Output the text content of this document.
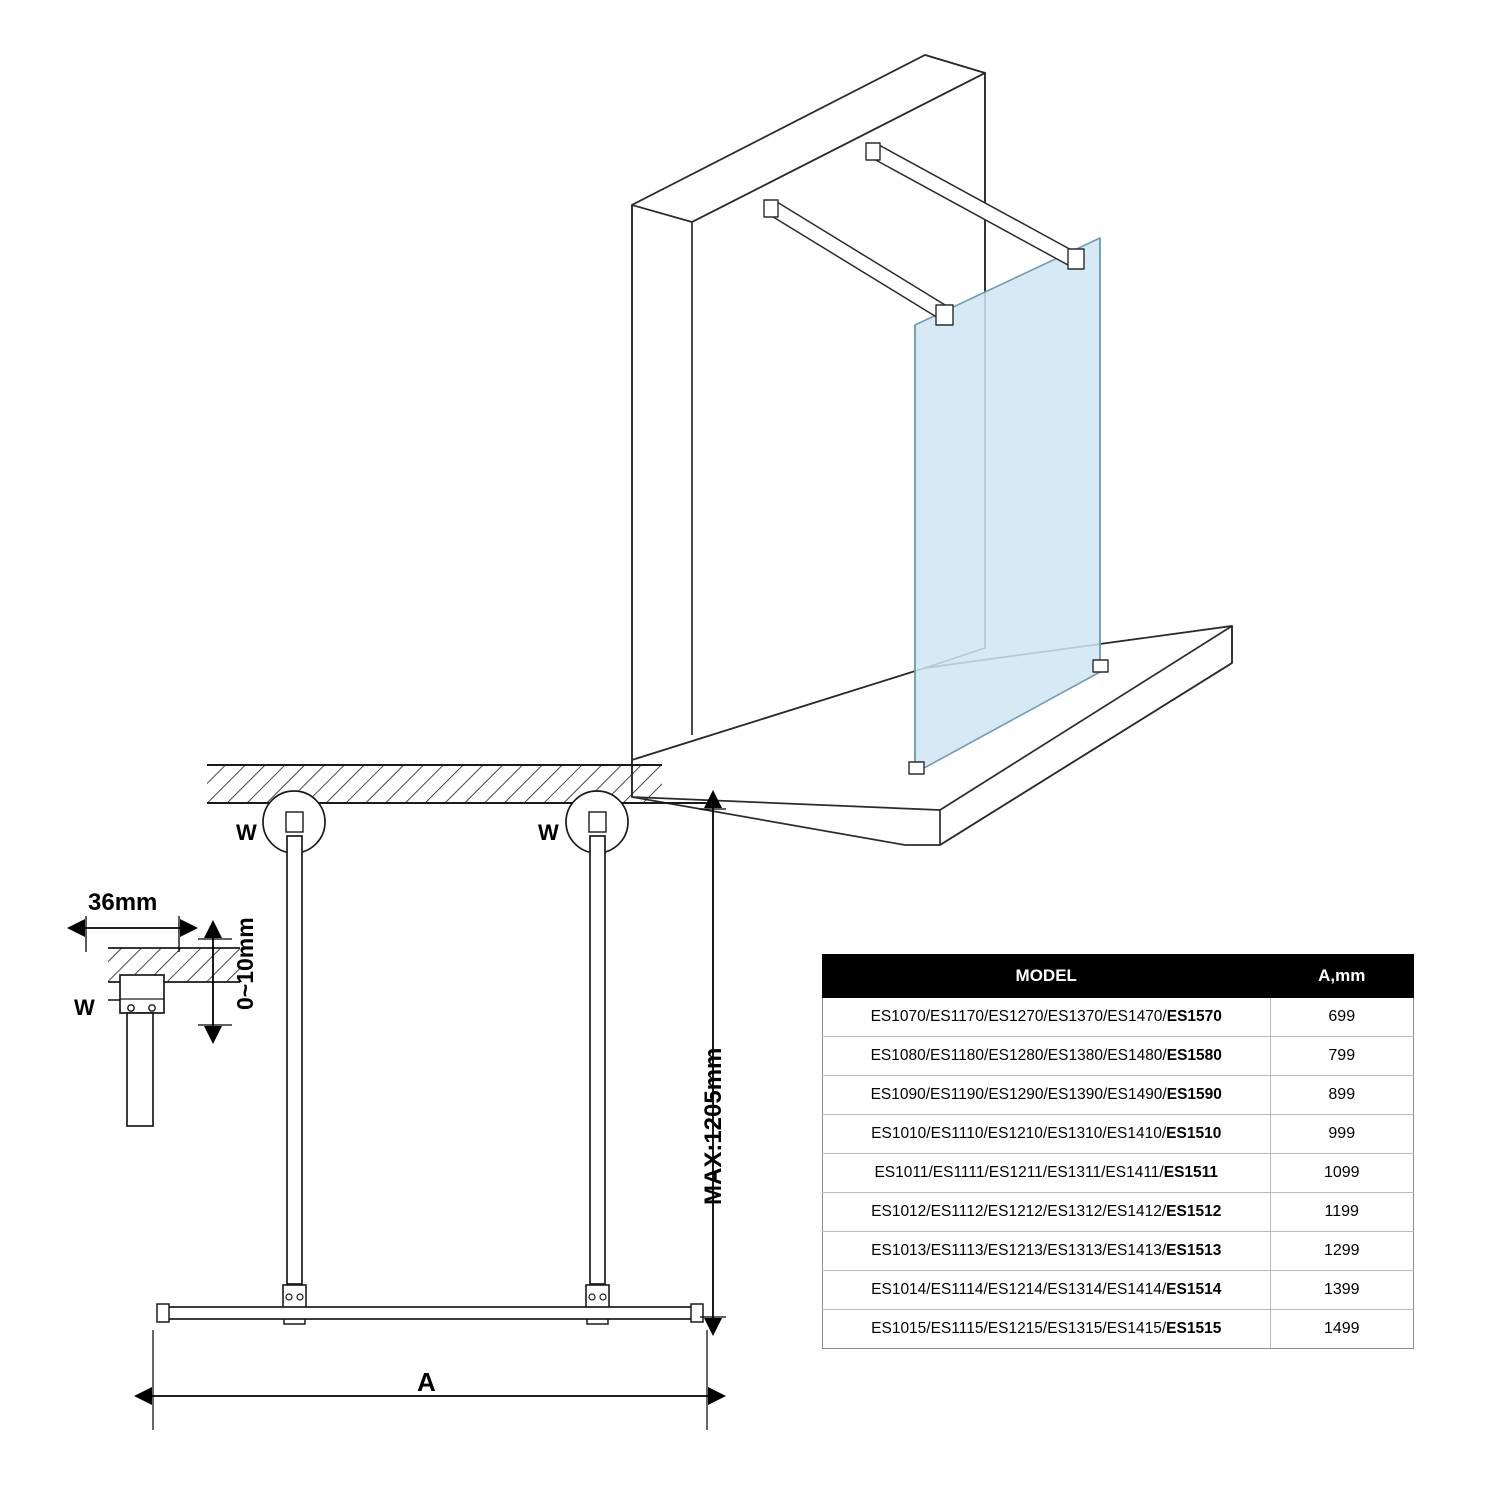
36mm
W	0~10mm
W	W
MAX:1205mm
A
MODEL	A,mm
ES1070/ES1170/ES1270/ES1370/ES1470/ES1570	699
ES1080/ES1180/ES1280/ES1380/ES1480/ES1580	799
ES1090/ES1190/ES1290/ES1390/ES1490/ES1590	899
ES1010/ES1110/ES1210/ES1310/ES1410/ES1510	999
ES1011/ES1111/ES1211/ES1311/ES1411/ES1511	1099
ES1012/ES1112/ES1212/ES1312/ES1412/ES1512	1199
ES1013/ES1113/ES1213/ES1313/ES1413/ES1513	1299
ES1014/ES1114/ES1214/ES1314/ES1414/ES1514	1399
ES1015/ES1115/ES1215/ES1315/ES1415/ES1515	1499
